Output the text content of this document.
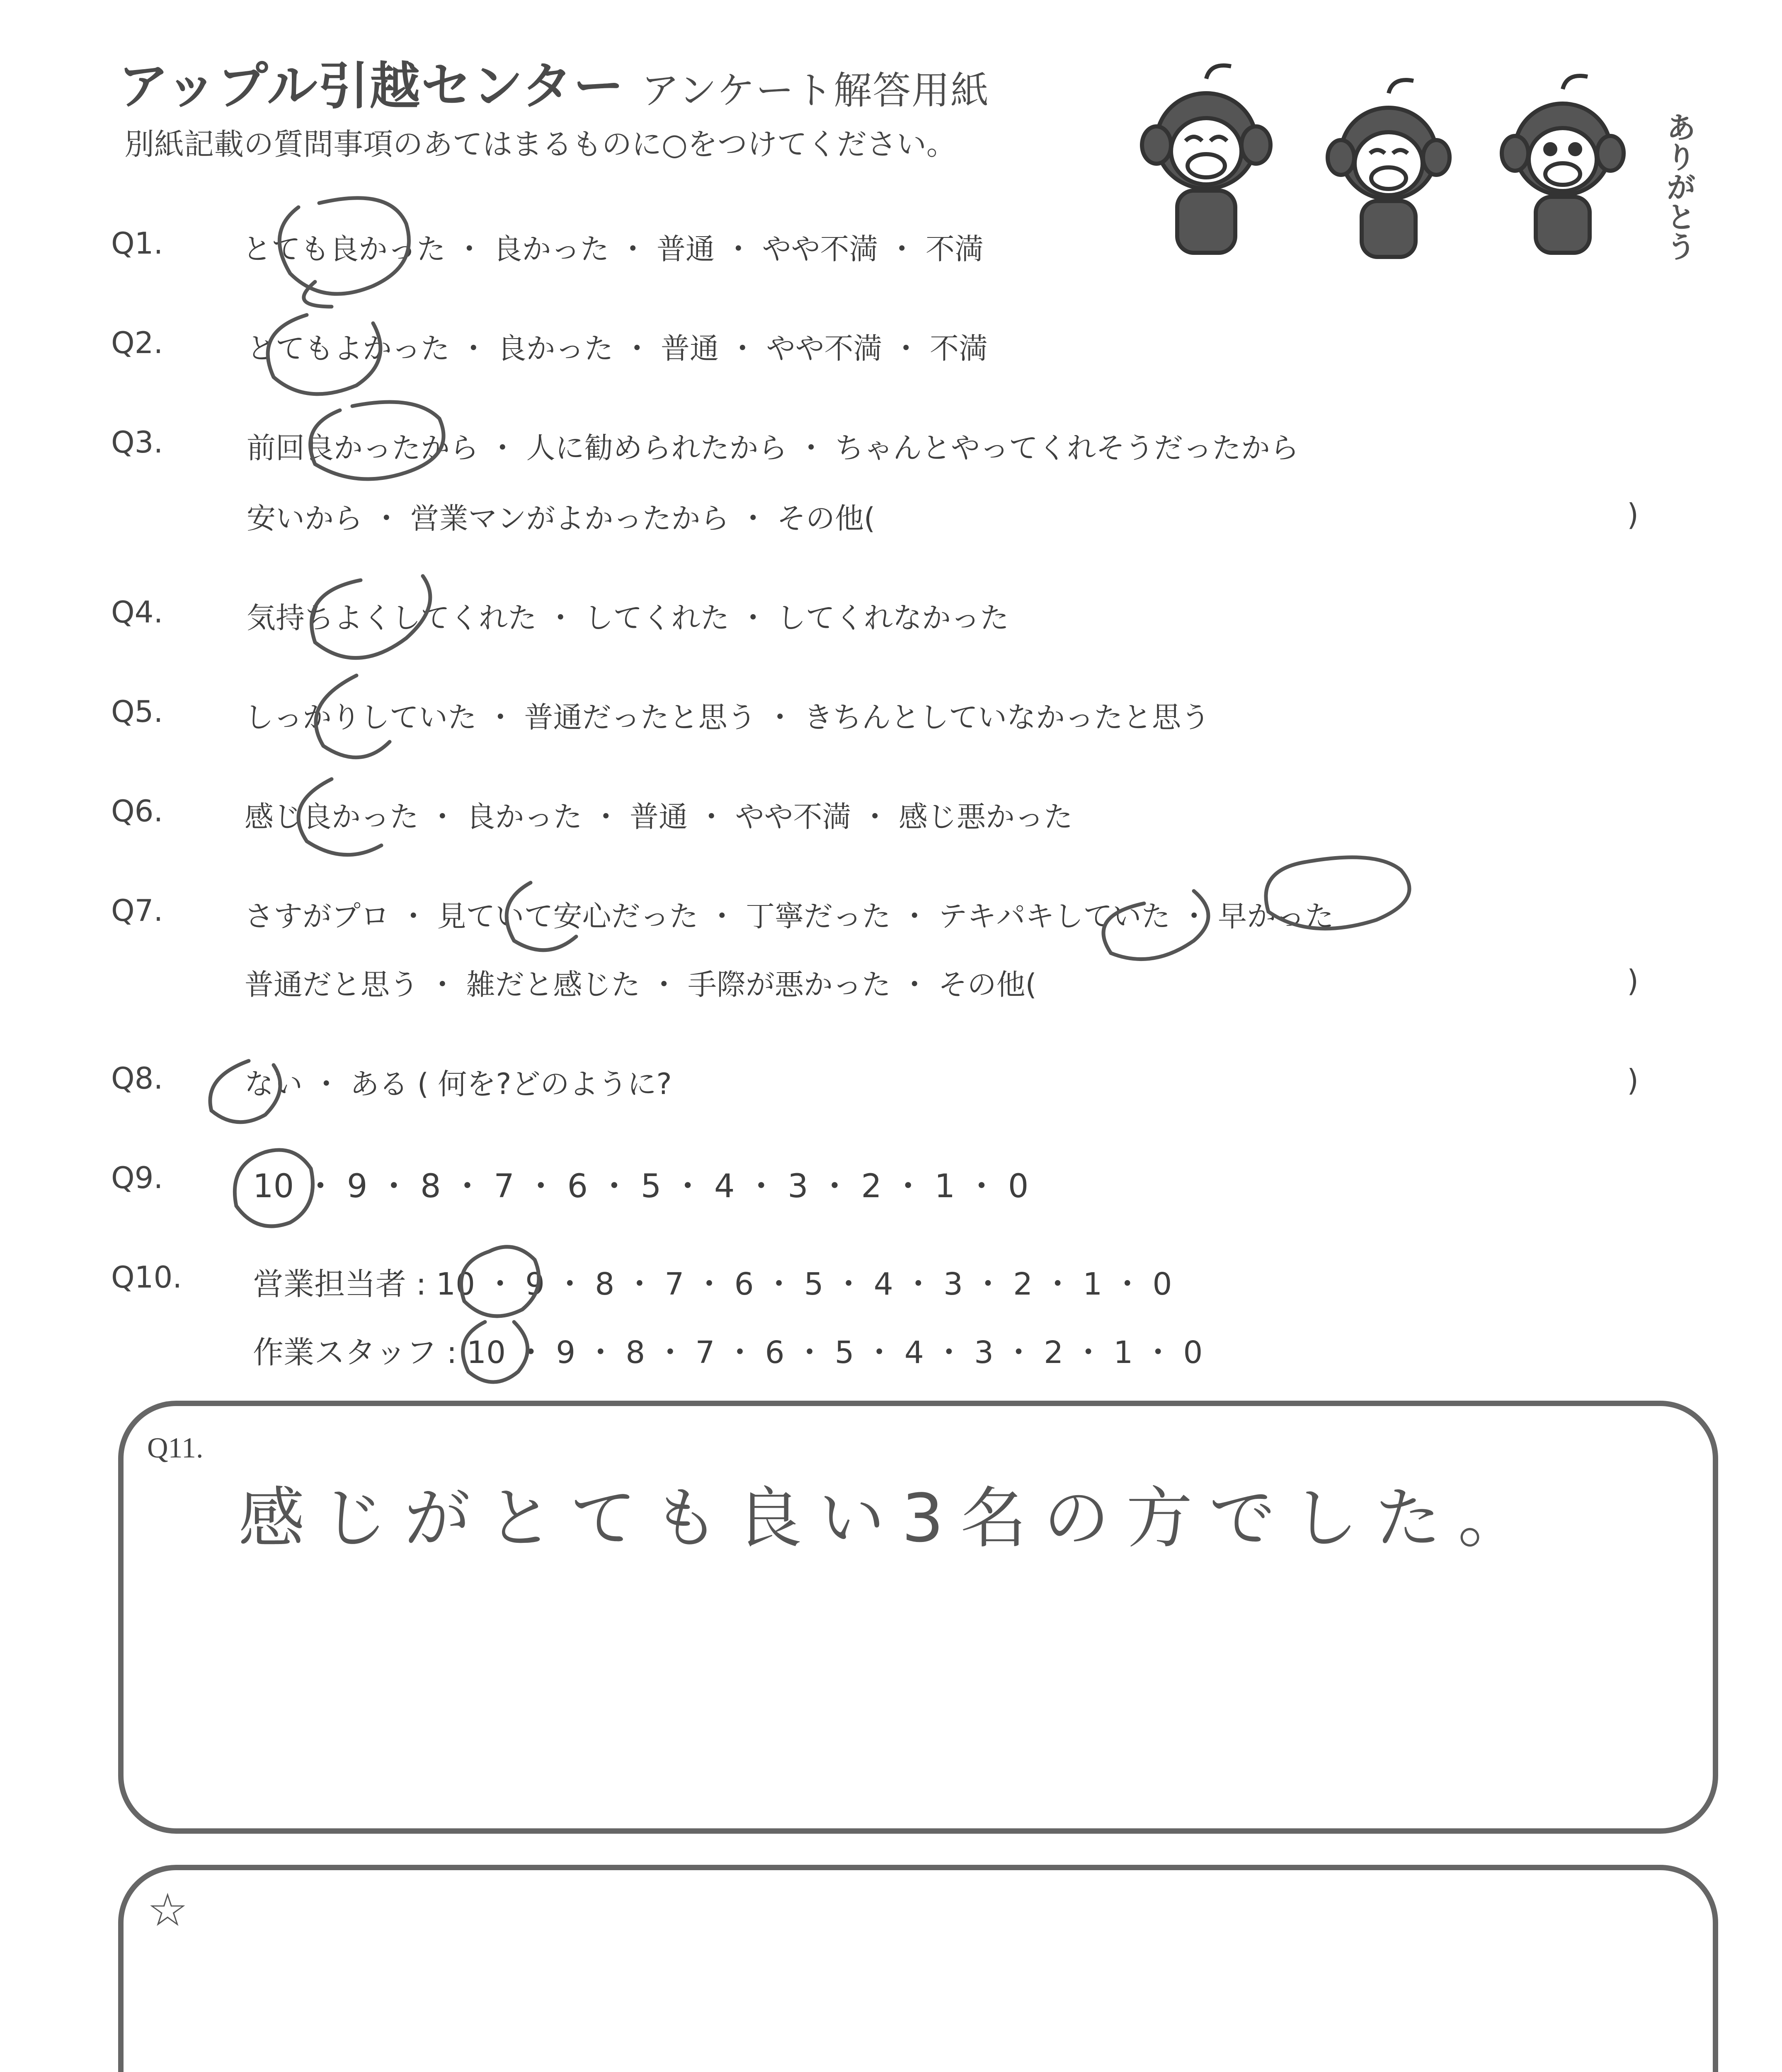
アップル引越センター アンケート解答用紙
別紙記載の質問事項のあてはまるものに○をつけてください。	ありがとう
Q1.	とても良かった ・ 良かった ・ 普通 ・ やや不満 ・ 不満
Q2.	とてもよかった ・ 良かった ・ 普通 ・ やや不満 ・ 不満
Q3.	前回良かったから ・ 人に勧められたから ・ ちゃんとやってくれそうだったから
安いから ・ 営業マンがよかったから ・ その他(	)
Q4.	気持ちよくしてくれた ・ してくれた ・ してくれなかった
Q5.	しっかりしていた ・ 普通だったと思う ・ きちんとしていなかったと思う
Q6.	感じ良かった ・ 良かった ・ 普通 ・ やや不満 ・ 感じ悪かった
Q7.	さすがプロ ・ 見ていて安心だった ・ 丁寧だった ・ テキパキしていた ・ 早かった
普通だと思う ・ 雑だと感じた ・ 手際が悪かった ・ その他(	)
Q8.	ない ・ ある ( 何を?どのように?	)
Q9.	10 ・ 9 ・ 8 ・ 7 ・ 6 ・ 5 ・ 4 ・ 3 ・ 2 ・ 1 ・ 0
Q10. 営業担当者 : 10 ・ 9 ・ 8 ・ 7 ・ 6 ・ 5 ・ 4 ・ 3 ・ 2 ・ 1 ・ 0
作業スタッフ : 10 ・ 9 ・ 8 ・ 7 ・ 6 ・ 5 ・ 4 ・ 3 ・ 2 ・ 1 ・ 0
Q11.
感じがとても良い3名の方でした。
☆
